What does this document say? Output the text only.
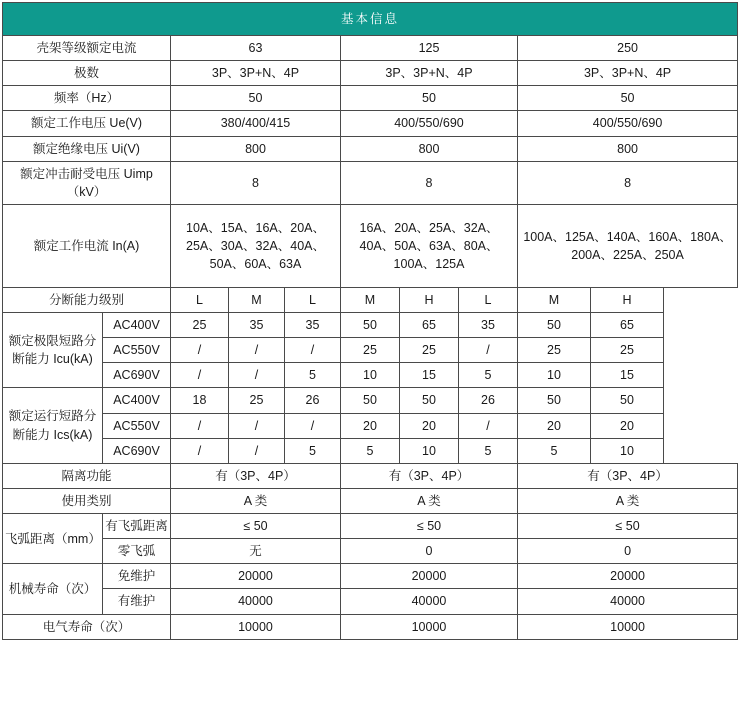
基本信息									
壳架等级额定电流		63			125			250	
极数		3P、3P+N、4P			3P、3P+N、4P			3P、3P+N、4P	
频率（Hz）		50			50			50	
额定工作电压 Ue(V)		380/400/415			400/550/690			400/550/690	
额定绝缘电压 Ui(V)		800			800			800	
额定冲击耐受电压 Uimp（kV）		8			8			8	
额定工作电流 In(A)		10A、15A、16A、20A、25A、30A、32A、40A、50A、60A、63A			16A、20A、25A、32A、40A、50A、63A、80A、100A、125A			100A、125A、140A、160A、180A、200A、225A、250A	
分断能力级别		L	M	L	M	H	L	M	H
额定极限短路分断能力 Icu(kA)	AC400V	25	35	35	50	65	35	50	65
	AC550V	/	/	/	25	25	/	25	25
	AC690V	/	/	5	10	15	5	10	15
额定运行短路分断能力 Ics(kA)	AC400V	18	25	26	50	50	26	50	50
	AC550V	/	/	/	20	20	/	20	20
	AC690V	/	/	5	5	10	5	5	10
隔离功能		有（3P、4P）			有（3P、4P）			有（3P、4P）	
使用类别		A 类			A 类			A 类	
飞弧距离（mm）	有飞弧距离	≤ 50			≤ 50			≤ 50	
	零飞弧	无			0			0	
机械寿命（次）	免维护	20000			20000			20000	
	有维护	40000			40000			40000	
电气寿命（次）		10000			10000			10000	
